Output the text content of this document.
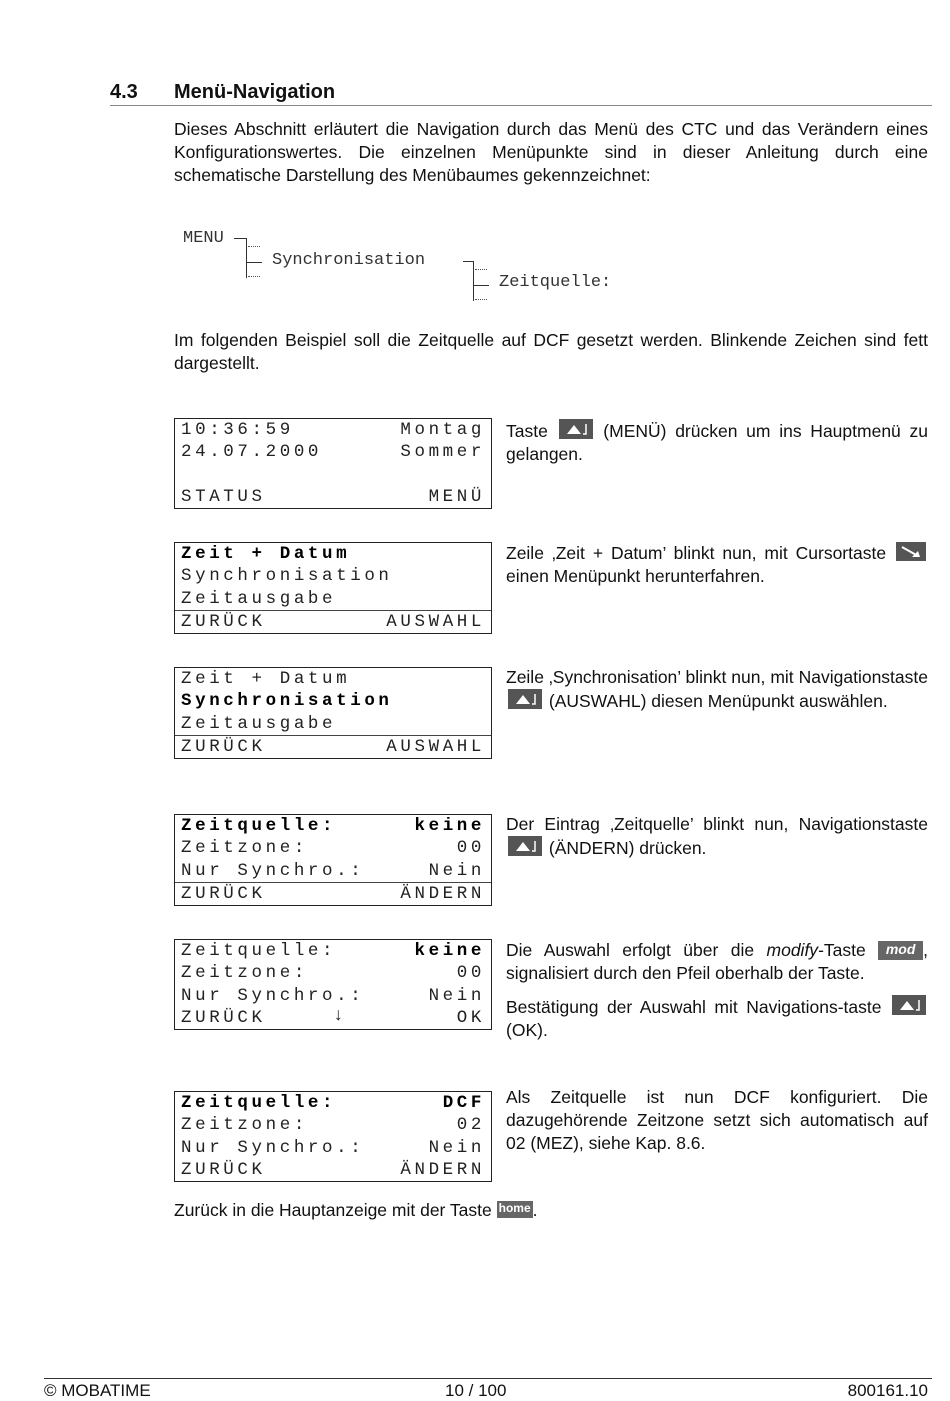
4.3 Menü-Navigation
Dieses Abschnitt erläutert die Navigation durch das Menü des CTC und das Verändern eines Konfigurationswertes. Die einzelnen Menüpunkte sind in dieser Anleitung durch eine schematische Darstellung des Menübaumes gekennzeichnet:
MENU
Synchronisation
Zeitquelle:
Im folgenden Beispiel soll die Zeitquelle auf DCF gesetzt werden. Blinkende Zeichen sind fett dargestellt.
10:36:59	Montag
24.07.2000	Sommer
STATUS	MENÜ
Taste	(MENÜ) drücken um ins Hauptmenü zu gelangen.
Zeit + Datum
Synchronisation
Zeitausgabe
ZURÜCK	AUSWAHL
Zeile ‚Zeit + Datum’ blinkt nun, mit Cursortaste
einen Menüpunkt herunterfahren.
Zeit + Datum
Synchronisation
Zeitausgabe
ZURÜCK	AUSWAHL
Zeile ‚Synchronisation’ blinkt nun, mit Navigationstaste
(AUSWAHL) diesen Menüpunkt auswählen.
Zeitquelle:	keine
Zeitzone:	00
Nur Synchro.:	Nein
ZURÜCK	ÄNDERN
Der Eintrag ‚Zeitquelle’ blinkt nun, Navigationstaste
(ÄNDERN) drücken.
Zeitquelle:	keine
Zeitzone:	00
Nur Synchro.:	Nein
ZURÜCK	OK
↓
Die Auswahl erfolgt über die modify-Taste mod , signalisiert durch den Pfeil oberhalb der Taste.
Bestätigung der Auswahl mit Navigations-taste
(OK).
Zeitquelle:	DCF
Zeitzone:	02
Nur Synchro.:	Nein
ZURÜCK	ÄNDERN
Als Zeitquelle ist nun DCF konfiguriert. Die dazugehörende Zeitzone setzt sich automatisch auf 02 (MEZ), siehe Kap. 8.6.
Zurück in die Hauptanzeige mit der Taste home .
© MOBATIME	10 / 100	800161.10
